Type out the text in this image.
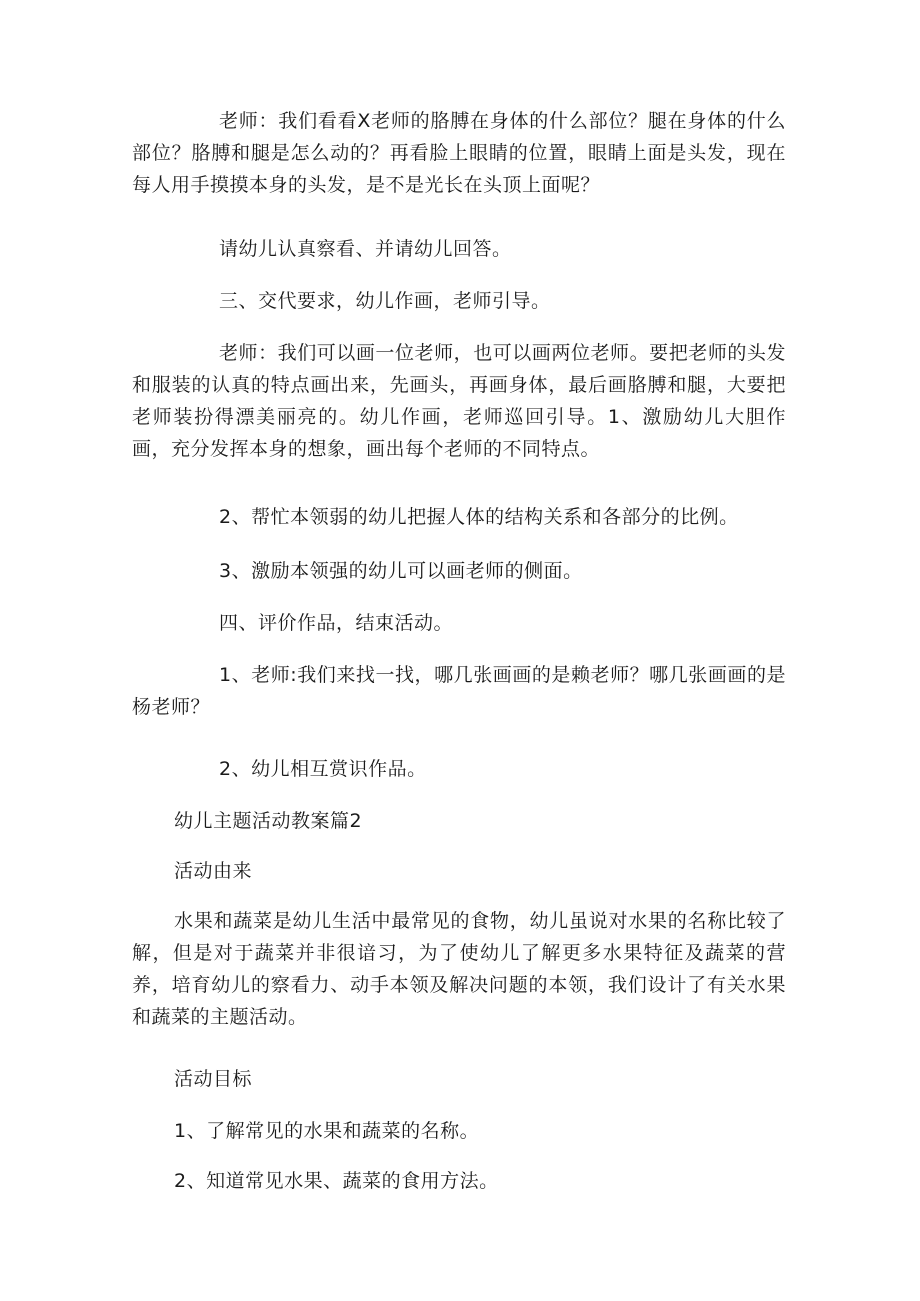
老师：我们看看X老师的胳膊在身体的什么部位？腿在身体的什么部位？胳膊和腿是怎么动的？再看脸上眼睛的位置，眼睛上面是头发，现在每人用手摸摸本身的头发，是不是光长在头顶上面呢？

请幼儿认真察看、并请幼儿回答。

三、交代要求，幼儿作画，老师引导。

老师：我们可以画一位老师，也可以画两位老师。要把老师的头发和服装的认真的特点画出来，先画头，再画身体，最后画胳膊和腿，大要把老师装扮得漂美丽亮的。幼儿作画，老师巡回引导。1、激励幼儿大胆作画，充分发挥本身的想象，画出每个老师的不同特点。

2、帮忙本领弱的幼儿把握人体的结构关系和各部分的比例。

3、激励本领强的幼儿可以画老师的侧面。

四、评价作品，结束活动。

1、老师:我们来找一找，哪几张画画的是赖老师？哪几张画画的是杨老师？

2、幼儿相互赏识作品。

幼儿主题活动教案篇2

活动由来

水果和蔬菜是幼儿生活中最常见的食物，幼儿虽说对水果的名称比较了解，但是对于蔬菜并非很谙习，为了使幼儿了解更多水果特征及蔬菜的营养，培育幼儿的察看力、动手本领及解决问题的本领，我们设计了有关水果和蔬菜的主题活动。

活动目标

1、了解常见的水果和蔬菜的名称。

2、知道常见水果、蔬菜的食用方法。
